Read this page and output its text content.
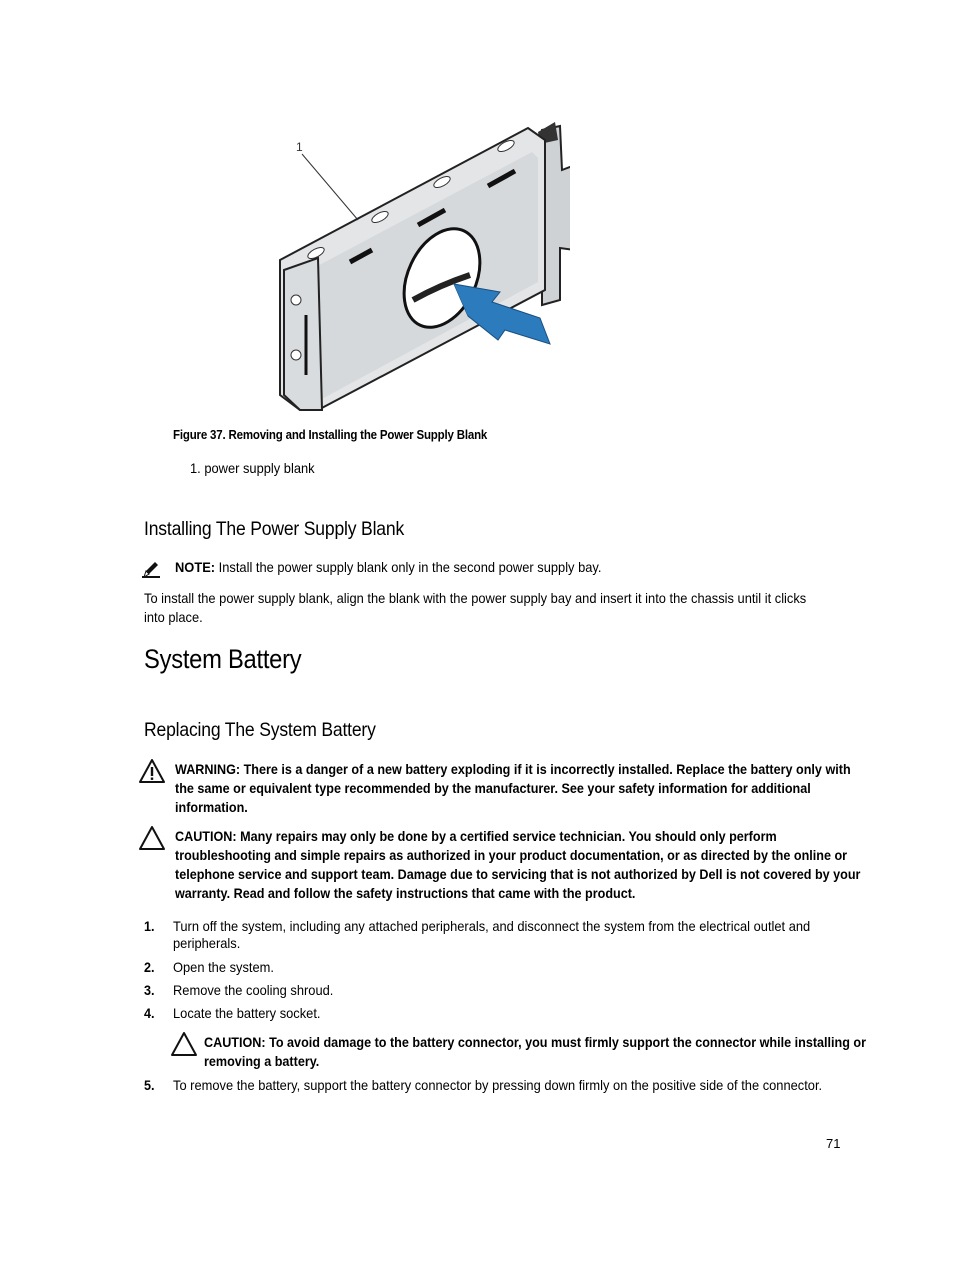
1
Figure 37. Removing and Installing the Power Supply Blank
1. power supply blank
Installing The Power Supply Blank
NOTE: Install the power supply blank only in the second power supply bay.
To install the power supply blank, align the blank with the power supply bay and insert it into the chassis until it clicks
into place.
System Battery
Replacing The System Battery
WARNING: There is a danger of a new battery exploding if it is incorrectly installed. Replace the battery only with
the same or equivalent type recommended by the manufacturer. See your safety information for additional
information.
CAUTION: Many repairs may only be done by a certified service technician. You should only perform
troubleshooting and simple repairs as authorized in your product documentation, or as directed by the online or
telephone service and support team. Damage due to servicing that is not authorized by Dell is not covered by your
warranty. Read and follow the safety instructions that came with the product.
1. Turn off the system, including any attached peripherals, and disconnect the system from the electrical outlet and
peripherals.
2. Open the system.
3. Remove the cooling shroud.
4. Locate the battery socket.
CAUTION: To avoid damage to the battery connector, you must firmly support the connector while installing or
removing a battery.
5. To remove the battery, support the battery connector by pressing down firmly on the positive side of the connector.
71
